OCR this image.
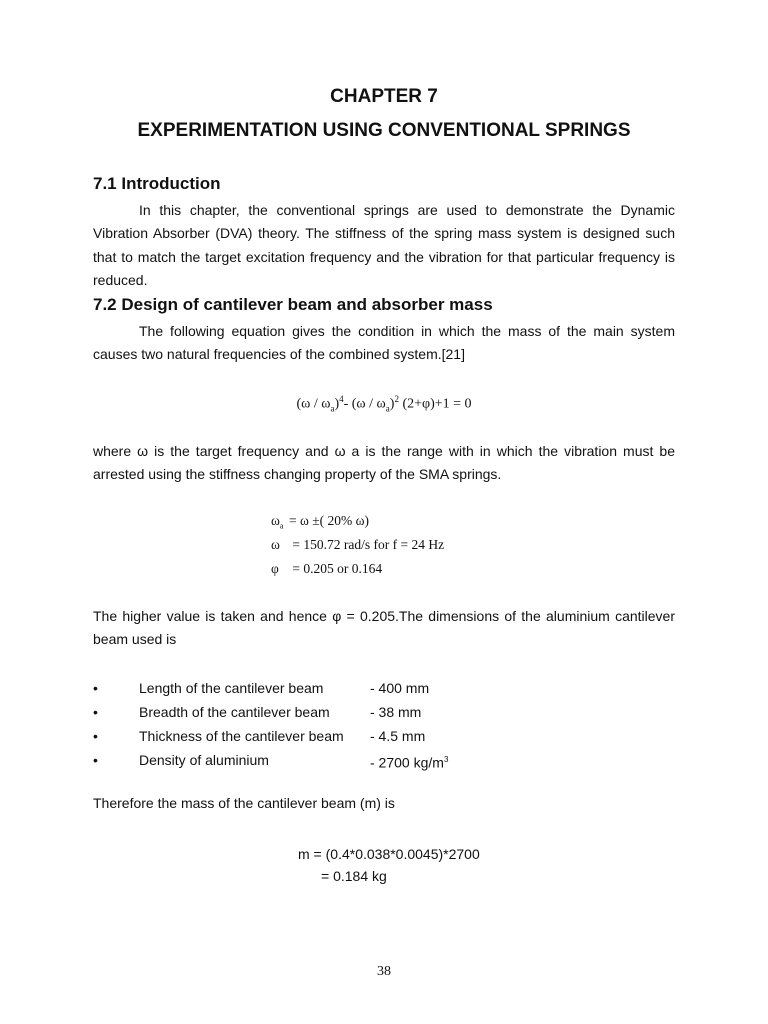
CHAPTER 7
EXPERIMENTATION USING CONVENTIONAL SPRINGS
7.1 Introduction
In this chapter, the conventional springs are used to demonstrate the Dynamic Vibration Absorber (DVA) theory. The stiffness of the spring mass system is designed such that to match the target excitation frequency and the vibration for that particular frequency is reduced.
7.2 Design of cantilever beam and absorber mass
The following equation gives the condition in which the mass of the main system causes two natural frequencies of the combined system.[21]
$(\omega / \omega_a)^4-$ $(\omega / \omega_a)^2$ (2+φ)+1 = 0
where ω is the target frequency and ω a is the range with in which the vibration must be arrested using the stiffness changing property of the SMA springs.
$\omega_a = \omega$ ±( 20% ω)
ω = 150.72 rad/s for f = 24 Hz
φ = 0.205 or 0.164
The higher value is taken and hence φ = 0.205.The dimensions of the aluminium cantilever beam used is
•	Length of the cantilever beam	- 400 mm
•	Breadth of the cantilever beam	- 38 mm
•	Thickness of the cantilever beam - 4.5 mm
•	Density of aluminium	- 2700 $kg/m^3$
Therefore the mass of the cantilever beam (m) is
m = (0.4*0.038*0.0045)*2700
= 0.184 kg
38
